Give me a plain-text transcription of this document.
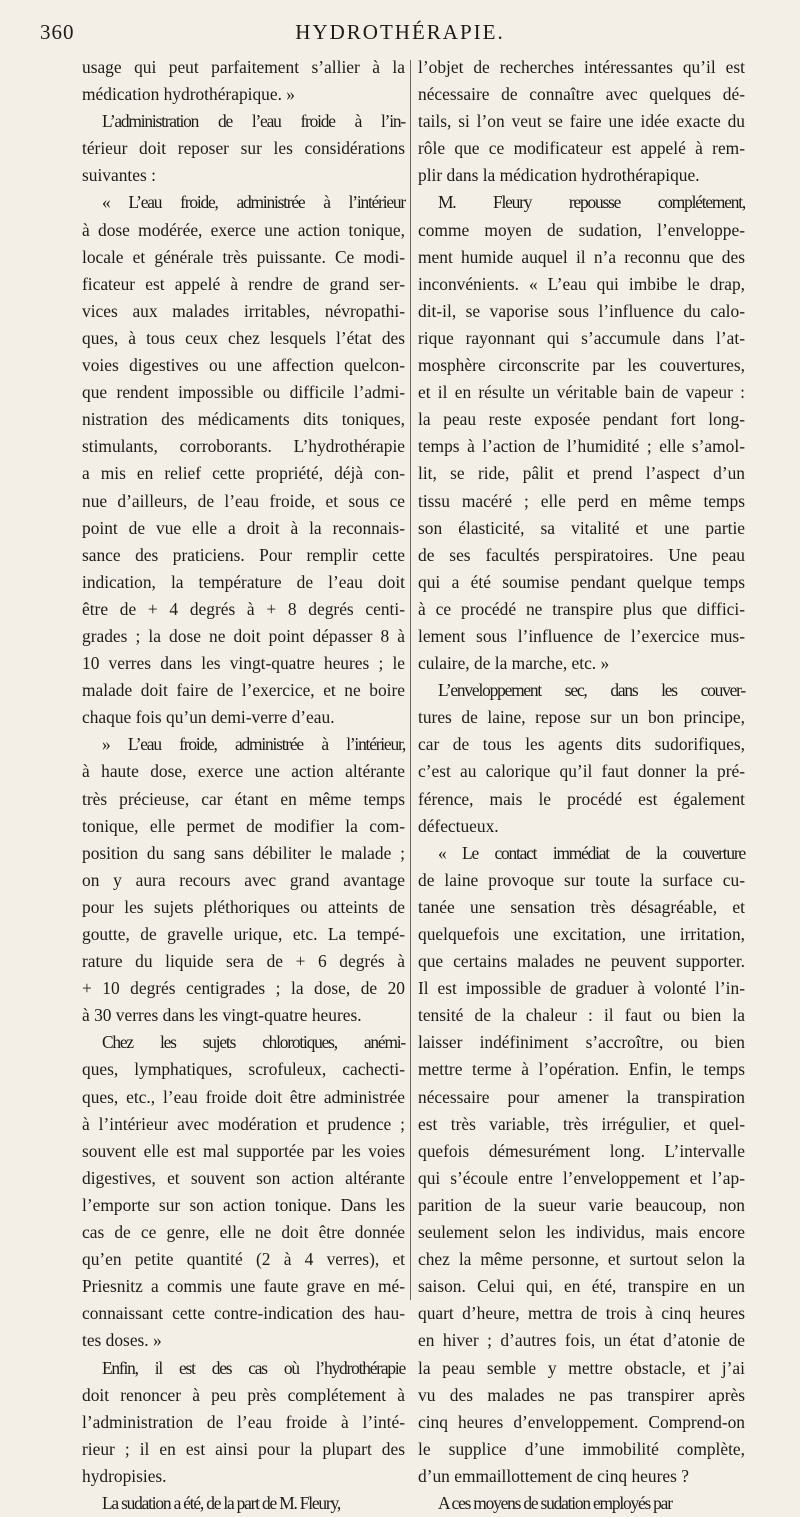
360	HYDROTHÉRAPIE.

usage qui peut parfaitement s’allier à la
médication hydrothérapique. »

L’administration de l’eau froide à l’in-
térieur doit reposer sur les considérations
suivantes :

« L’eau froide, administrée à l’intérieur
à dose modérée, exerce une action tonique,
locale et générale très puissante. Ce modi-
ficateur est appelé à rendre de grand ser-
vices aux malades irritables, névropathi-
ques, à tous ceux chez lesquels l’état des
voies digestives ou une affection quelcon-
que rendent impossible ou difficile l’admi-
nistration des médicaments dits toniques,
stimulants, corroborants. L’hydrothérapie
a mis en relief cette propriété, déjà con-
nue d’ailleurs, de l’eau froide, et sous ce
point de vue elle a droit à la reconnais-
sance des praticiens. Pour remplir cette
indication, la température de l’eau doit
être de + 4 degrés à + 8 degrés centi-
grades ; la dose ne doit point dépasser 8 à
10 verres dans les vingt-quatre heures ; le
malade doit faire de l’exercice, et ne boire
chaque fois qu’un demi-verre d’eau.

» L’eau froide, administrée à l’intérieur,
à haute dose, exerce une action altérante
très précieuse, car étant en même temps
tonique, elle permet de modifier la com-
position du sang sans débiliter le malade ;
on y aura recours avec grand avantage
pour les sujets pléthoriques ou atteints de
goutte, de gravelle urique, etc. La tempé-
rature du liquide sera de + 6 degrés à
+ 10 degrés centigrades ; la dose, de 20
à 30 verres dans les vingt-quatre heures.

Chez les sujets chlorotiques, anémi-
ques, lymphatiques, scrofuleux, cachecti-
ques, etc., l’eau froide doit être administrée
à l’intérieur avec modération et prudence ;
souvent elle est mal supportée par les voies
digestives, et souvent son action altérante
l’emporte sur son action tonique. Dans les
cas de ce genre, elle ne doit être donnée
qu’en petite quantité (2 à 4 verres), et
Priesnitz a commis une faute grave en mé-
connaissant cette contre-indication des hau-
tes doses. »

Enfin, il est des cas où l’hydrothérapie
doit renoncer à peu près complétement à
l’administration de l’eau froide à l’inté-
rieur ; il en est ainsi pour la plupart des
hydropisies.

La sudation a été, de la part de M. Fleury,

l’objet de recherches intéressantes qu’il est
nécessaire de connaître avec quelques dé-
tails, si l’on veut se faire une idée exacte du
rôle que ce modificateur est appelé à rem-
plir dans la médication hydrothérapique.

M. Fleury repousse complétement,
comme moyen de sudation, l’enveloppe-
ment humide auquel il n’a reconnu que des
inconvénients. « L’eau qui imbibe le drap,
dit-il, se vaporise sous l’influence du calo-
rique rayonnant qui s’accumule dans l’at-
mosphère circonscrite par les couvertures,
et il en résulte un véritable bain de vapeur :
la peau reste exposée pendant fort long-
temps à l’action de l’humidité ; elle s’amol-
lit, se ride, pâlit et prend l’aspect d’un
tissu macéré ; elle perd en même temps
son élasticité, sa vitalité et une partie
de ses facultés perspiratoires. Une peau
qui a été soumise pendant quelque temps
à ce procédé ne transpire plus que diffici-
lement sous l’influence de l’exercice mus-
culaire, de la marche, etc. »

L’enveloppement sec, dans les couver-
tures de laine, repose sur un bon principe,
car de tous les agents dits sudorifiques,
c’est au calorique qu’il faut donner la pré-
férence, mais le procédé est également
défectueux.

« Le contact immédiat de la couverture
de laine provoque sur toute la surface cu-
tanée une sensation très désagréable, et
quelquefois une excitation, une irritation,
que certains malades ne peuvent supporter.
Il est impossible de graduer à volonté l’in-
tensité de la chaleur : il faut ou bien la
laisser indéfiniment s’accroître, ou bien
mettre terme à l’opération. Enfin, le temps
nécessaire pour amener la transpiration
est très variable, très irrégulier, et quel-
quefois démesurément long. L’intervalle
qui s’écoule entre l’enveloppement et l’ap-
parition de la sueur varie beaucoup, non
seulement selon les individus, mais encore
chez la même personne, et surtout selon la
saison. Celui qui, en été, transpire en un
quart d’heure, mettra de trois à cinq heures
en hiver ; d’autres fois, un état d’atonie de
la peau semble y mettre obstacle, et j’ai
vu des malades ne pas transpirer après
cinq heures d’enveloppement. Comprend-on
le supplice d’une immobilité complète,
d’un emmaillottement de cinq heures ?

A ces moyens de sudation employés par
